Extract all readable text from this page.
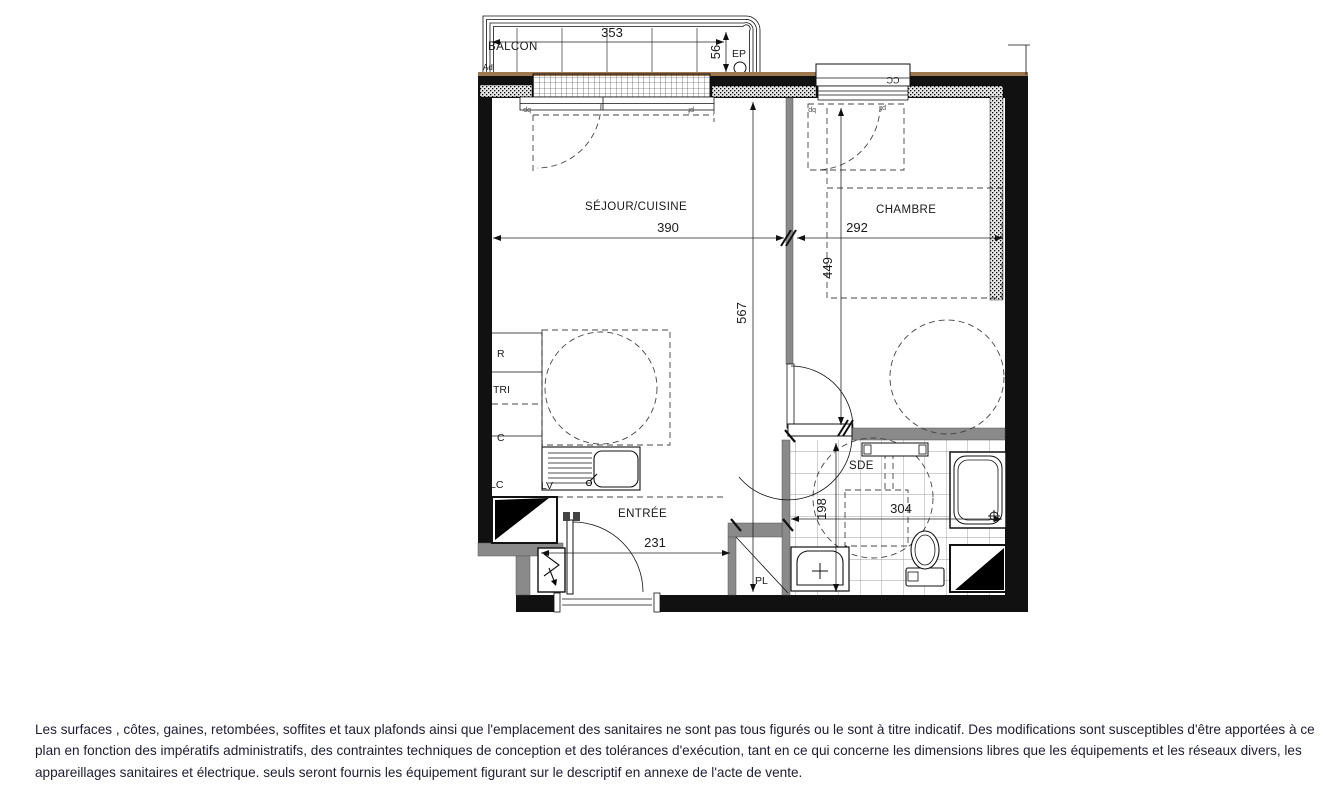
BALCON
Ad
353
56 EP
CC
R
TRI
C
LC	LV
390	292
567
449
198	304
231
SÉJOUR/CUISINE	CHAMBRE
SDE
ENTRÉE
PL
bp	pf	bp	pf
Les surfaces , côtes, gaines, retombées, soffites et taux plafonds ainsi que l'emplacement des sanitaires ne sont pas tous figurés ou le sont à titre indicatif. Des modifications sont susceptibles d'être apportées à ce plan en fonction des impératifs administratifs, des contraintes techniques de conception et des tolérances d'exécution, tant en ce qui concerne les dimensions libres que les équipements et les réseaux divers, les appareillages sanitaires et électrique. seuls seront fournis les équipement figurant sur le descriptif en annexe de l'acte de vente.
